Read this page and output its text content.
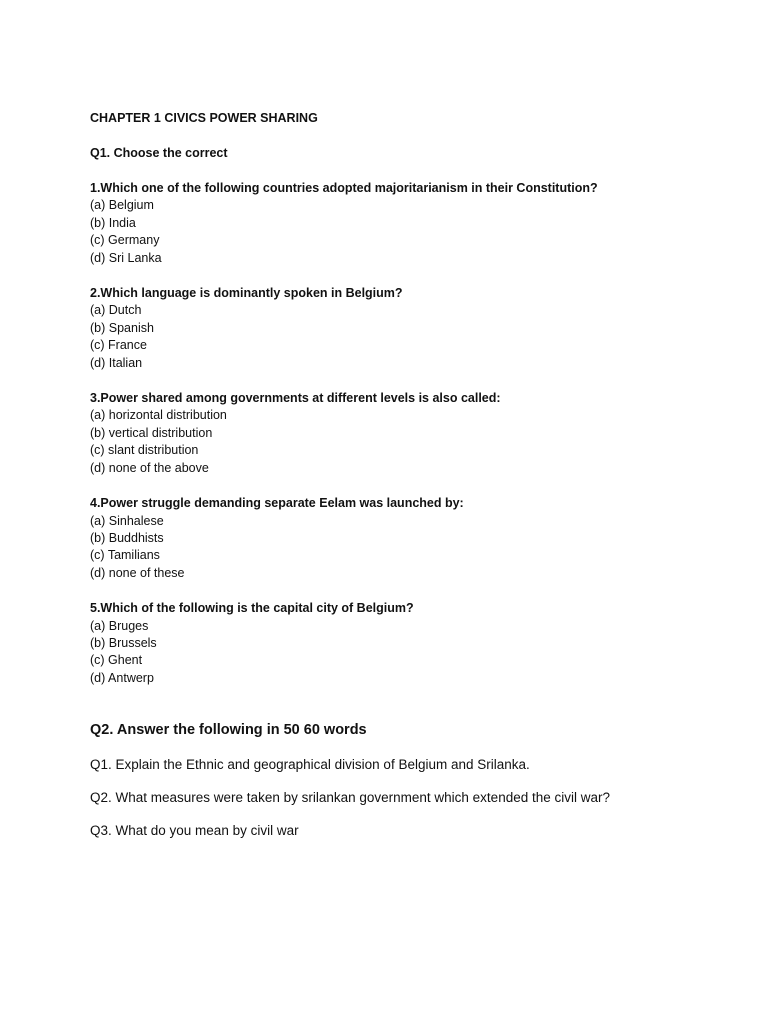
CHAPTER 1 CIVICS POWER SHARING

Q1. Choose the correct

1.Which one of the following countries adopted majoritarianism in their Constitution?

(a) Belgium
(b) India
(c) Germany
(d) Sri Lanka

2.Which language is dominantly spoken in Belgium?

(a) Dutch
(b) Spanish
(c) France
(d) Italian

3.Power shared among governments at different levels is also called:

(a) horizontal distribution
(b) vertical distribution
(c) slant distribution
(d) none of the above

4.Power struggle demanding separate Eelam was launched by:

(a) Sinhalese
(b) Buddhists
(c) Tamilians
(d) none of these

5.Which of the following is the capital city of Belgium?

(a) Bruges
(b) Brussels
(c) Ghent
(d) Antwerp

Q2. Answer the following in 50 60 words

Q1. Explain the Ethnic and geographical division of Belgium and Srilanka.

Q2. What measures were taken by srilankan government which extended the civil war?

Q3. What do you mean by civil war
